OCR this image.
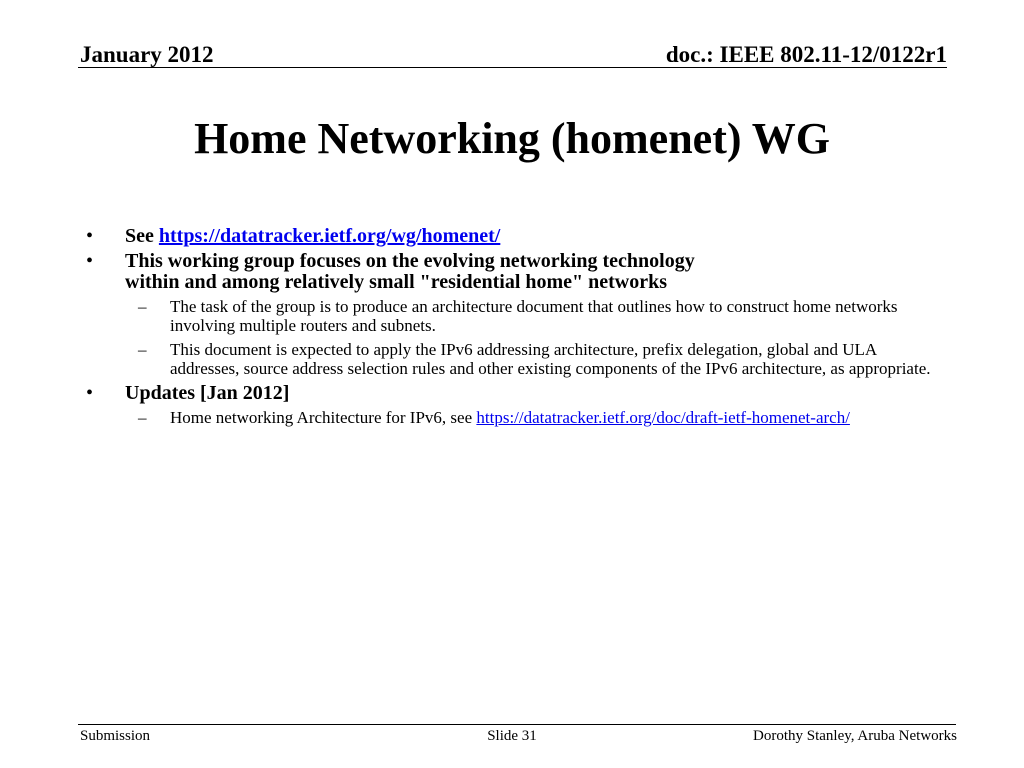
January 2012	doc.: IEEE 802.11-12/0122r1
Home Networking (homenet) WG
• See https://datatracker.ietf.org/wg/homenet/
• This working group focuses on the evolving networking technology
within and among relatively small "residential home" networks
– The task of the group is to produce an architecture document that outlines how to construct home networks involving multiple routers and subnets.
– This document is expected to apply the IPv6 addressing architecture, prefix delegation, global and ULA addresses, source address selection rules and other existing components of the IPv6 architecture, as appropriate.
• Updates [Jan 2012]
– Home networking Architecture for IPv6, see https://datatracker.ietf.org/doc/draft-ietf-homenet-arch/
Submission	Slide 31	Dorothy Stanley, Aruba Networks
